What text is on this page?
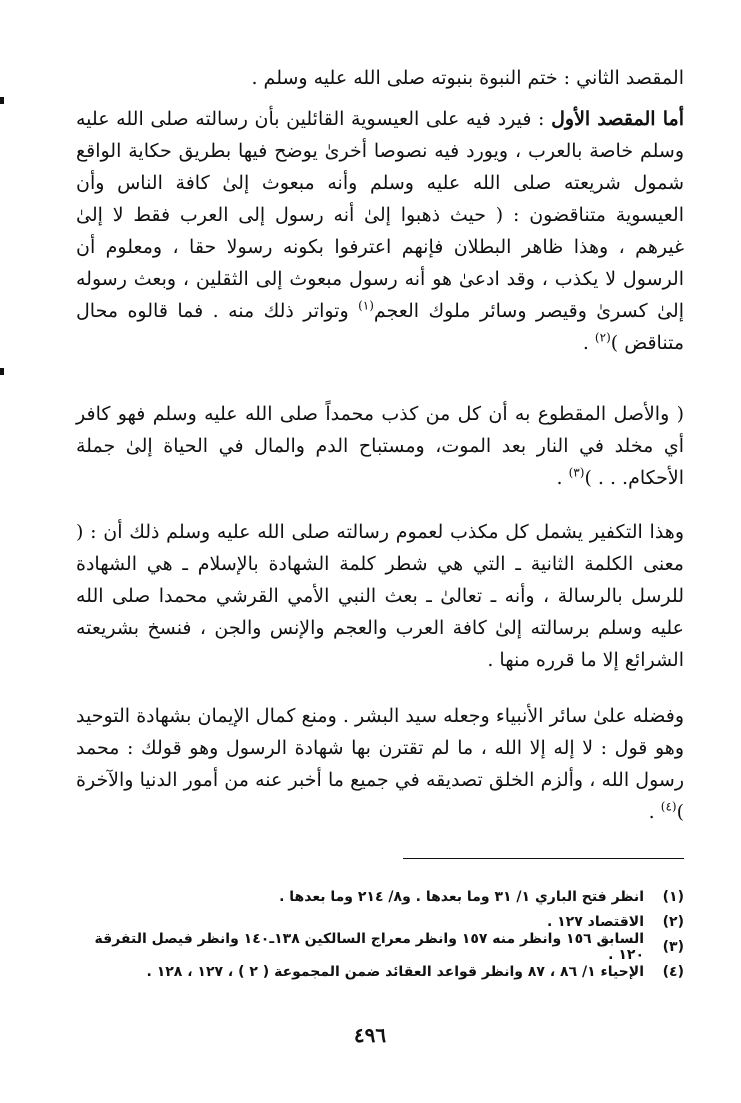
المقصد الثاني : ختم النبوة بنبوته صلى الله عليه وسلم .

أما المقصد الأول : فيرد فيه على العيسوية القائلين بأن رسالته صلى الله عليه وسلم خاصة بالعرب ، ويورد فيه نصوصا أخرىٰ يوضح فيها بطريق حكاية الواقع شمول شريعته صلى الله عليه وسلم وأنه مبعوث إلىٰ كافة الناس وأن العيسوية متناقضون : ( حيث ذهبوا إلىٰ أنه رسول إلى العرب فقط لا إلىٰ غيرهم ، وهذا ظاهر البطلان فإنهم اعترفوا بكونه رسولا حقا ، ومعلوم أن الرسول لا يكذب ، وقد ادعىٰ هو أنه رسول مبعوث إلى الثقلين ، وبعث رسوله إلىٰ كسرىٰ وقيصر وسائر ملوك العجم$^{(١)}$ وتواتر ذلك منه . فما قالوه محال متناقض )$^{(٢)}$ .

( والأصل المقطوع به أن كل من كذب محمداً صلى الله عليه وسلم فهو كافر أي مخلد في النار بعد الموت، ومستباح الدم والمال في الحياة إلىٰ جملة الأحكام. . . )$^{(٣)}$ .

وهذا التكفير يشمل كل مكذب لعموم رسالته صلى الله عليه وسلم ذلك أن : ( معنى الكلمة الثانية ـ التي هي شطر كلمة الشهادة بالإسلام ـ هي الشهادة للرسل بالرسالة ، وأنه ـ تعالىٰ ـ بعث النبي الأمي القرشي محمدا صلى الله عليه وسلم برسالته إلىٰ كافة العرب والعجم والإنس والجن ، فنسخ بشريعته الشرائع إلا ما قرره منها .

وفضله علىٰ سائر الأنبياء وجعله سيد البشر . ومنع كمال الإيمان بشهادة التوحيد وهو قول : لا إله إلا الله ، ما لم تقترن بها شهادة الرسول وهو قولك : محمد رسول الله ، وألزم الخلق تصديقه في جميع ما أخبر عنه من أمور الدنيا والآخرة )$^{(٤)}$ .

(١)
انظر فتح الباري ١/ ٣١ وما بعدها . و٨/ ٢١٤ وما بعدها .
(٢)
الاقتصاد ١٢٧ .
(٣)
السابق ١٥٦ وانظر منه ١٥٧ وانظر معراج السالكين ١٣٨ـ١٤٠ وانظر فيصل التفرقة ١٢٠ .
(٤)
الإحياء ١/ ٨٦ ، ٨٧ وانظر قواعد العقائد ضمن المجموعة ( ٢ ) ، ١٢٧ ، ١٢٨ .
٤٩٦
